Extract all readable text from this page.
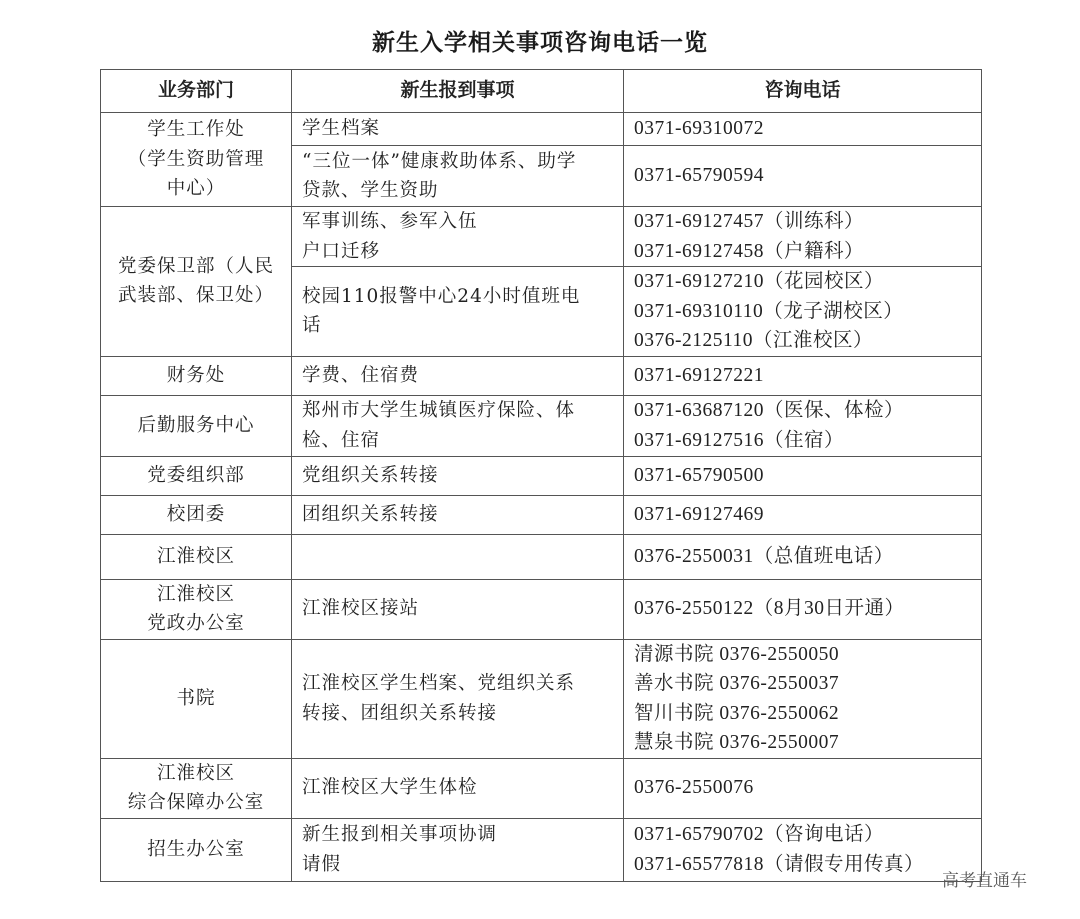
新生入学相关事项咨询电话一览
业务部门	新生报到事项	咨询电话

学生工作处
（学生资助管理
中心）	学生档案	0371-69310072

	“三位一体”健康救助体系、助学
贷款、学生资助	0371-65790594

党委保卫部（人民
武装部、保卫处）	军事训练、参军入伍
户口迁移	0371-69127457（训练科）
0371-69127458（户籍科）

	校园110报警中心24小时值班电
话	0371-69127210（花园校区）
0371-69310110（龙子湖校区）
0376-2125110（江淮校区）

财务处	学费、住宿费	0371-69127221

后勤服务中心	郑州市大学生城镇医疗保险、体
检、住宿	0371-63687120（医保、体检）
0371-69127516（住宿）

党委组织部	党组织关系转接	0371-65790500

校团委	团组织关系转接	0371-69127469

江淮校区		0376-2550031（总值班电话）

江淮校区
党政办公室	江淮校区接站	0376-2550122（8月30日开通）

书院	江淮校区学生档案、党组织关系
转接、团组织关系转接	清源书院 0376-2550050
善水书院 0376-2550037
智川书院 0376-2550062
慧泉书院 0376-2550007

江淮校区
综合保障办公室	江淮校区大学生体检	0376-2550076

招生办公室	新生报到相关事项协调
请假	0371-65790702（咨询电话）
0371-65577818（请假专用传真）
高考直通车
